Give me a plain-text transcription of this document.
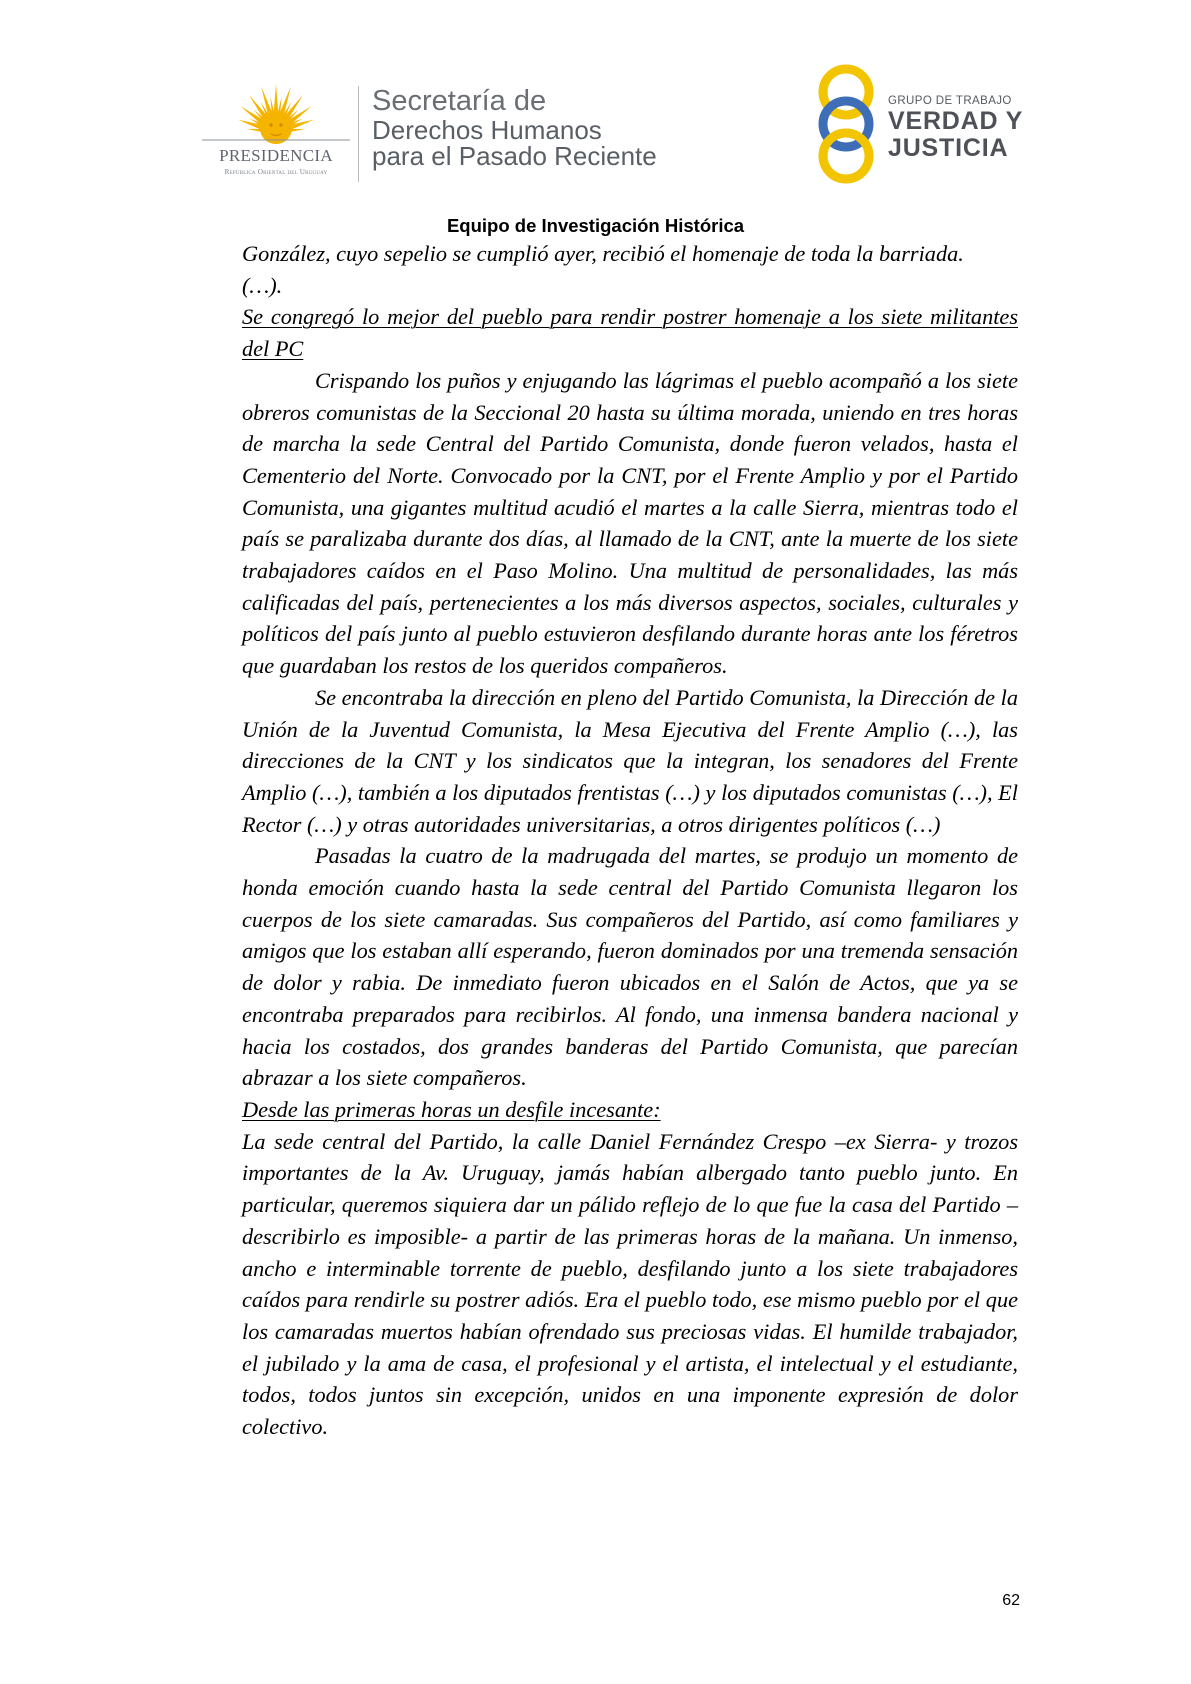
PRESIDENCIA
República Oriental del Uruguay
Secretaría de
Derechos Humanos
para el Pasado Reciente
GRUPO DE TRABAJO
VERDAD Y
JUSTICIA
Equipo de Investigación Histórica

González, cuyo sepelio se cumplió ayer, recibió el homenaje de toda la barriada.

(…).

Se congregó lo mejor del pueblo para rendir postrer homenaje a los siete militantes del PC

Crispando los puños y enjugando las lágrimas el pueblo acompañó a los siete obreros comunistas de la Seccional 20 hasta su última morada, uniendo en tres horas de marcha la sede Central del Partido Comunista, donde fueron velados, hasta el Cementerio del Norte. Convocado por la CNT, por el Frente Amplio y por el Partido Comunista, una gigantes multitud acudió el martes a la calle Sierra, mientras todo el país se paralizaba durante dos días, al llamado de la CNT, ante la muerte de los siete trabajadores caídos en el Paso Molino. Una multitud de personalidades, las más calificadas del país, pertenecientes a los más diversos aspectos, sociales, culturales y políticos del país junto al pueblo estuvieron desfilando durante horas ante los féretros que guardaban los restos de los queridos compañeros.

Se encontraba la dirección en pleno del Partido Comunista, la Dirección de la Unión de la Juventud Comunista, la Mesa Ejecutiva del Frente Amplio (…), las direcciones de la CNT y los sindicatos que la integran, los senadores del Frente Amplio (…), también a los diputados frentistas (…) y los diputados comunistas (…), El Rector (…) y otras autoridades universitarias, a otros dirigentes políticos (…)

Pasadas la cuatro de la madrugada del martes, se produjo un momento de honda emoción cuando hasta la sede central del Partido Comunista llegaron los cuerpos de los siete camaradas. Sus compañeros del Partido, así como familiares y amigos que los estaban allí esperando, fueron dominados por una tremenda sensación de dolor y rabia. De inmediato fueron ubicados en el Salón de Actos, que ya se encontraba preparados para recibirlos. Al fondo, una inmensa bandera nacional y hacia los costados, dos grandes banderas del Partido Comunista, que parecían abrazar a los siete compañeros.

Desde las primeras horas un desfile incesante:

La sede central del Partido, la calle Daniel Fernández Crespo –ex Sierra- y trozos importantes de la Av. Uruguay, jamás habían albergado tanto pueblo junto. En particular, queremos siquiera dar un pálido reflejo de lo que fue la casa del Partido –describirlo es imposible- a partir de las primeras horas de la mañana. Un inmenso, ancho e interminable torrente de pueblo, desfilando junto a los siete trabajadores caídos para rendirle su postrer adiós. Era el pueblo todo, ese mismo pueblo por el que los camaradas muertos habían ofrendado sus preciosas vidas. El humilde trabajador, el jubilado y la ama de casa, el profesional y el artista, el intelectual y el estudiante, todos, todos juntos sin excepción, unidos en una imponente expresión de dolor colectivo.

62
